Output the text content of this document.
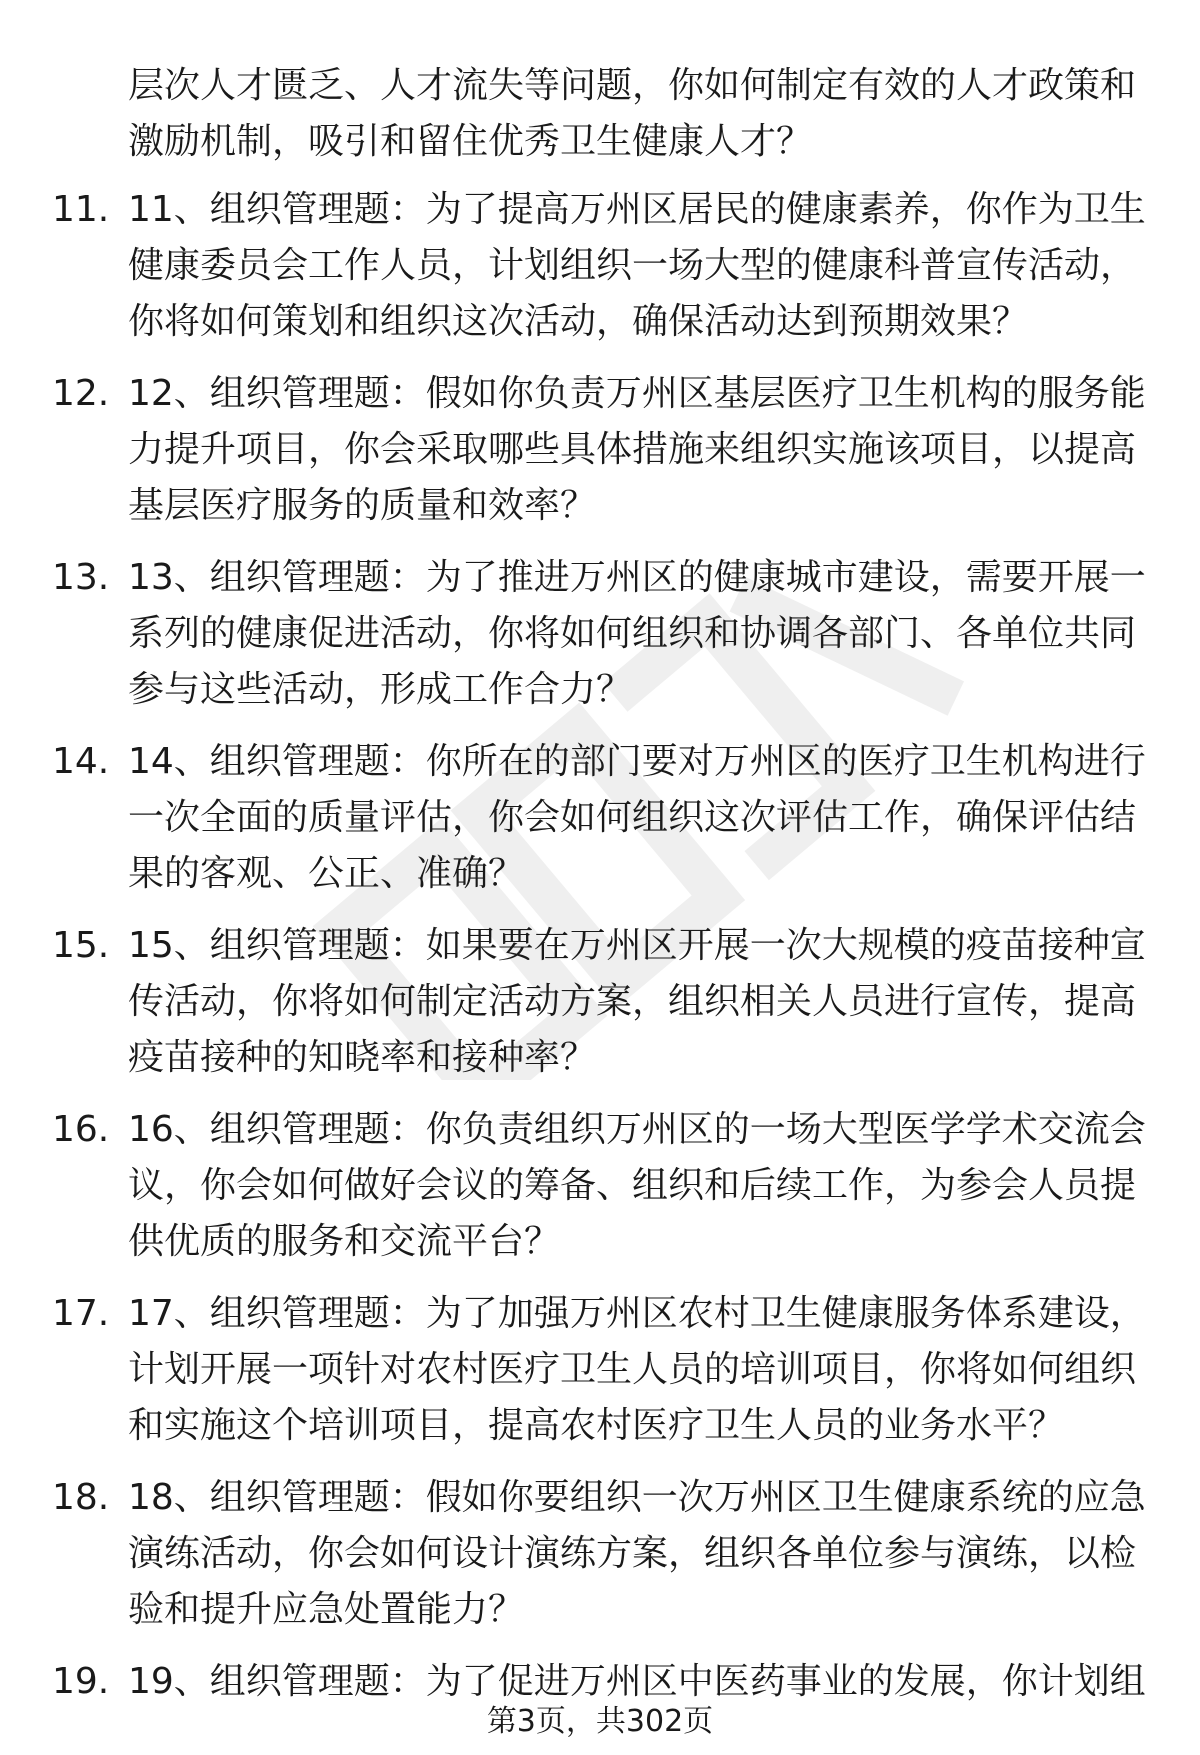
层次人才匮乏、人才流失等问题，你如何制定有效的人才政策和激励机制，吸引和留住优秀卫生健康人才？

11. 11、组织管理题：为了提高万州区居民的健康素养，你作为卫生健康委员会工作人员，计划组织一场大型的健康科普宣传活动，你将如何策划和组织这次活动，确保活动达到预期效果？
12. 12、组织管理题：假如你负责万州区基层医疗卫生机构的服务能力提升项目，你会采取哪些具体措施来组织实施该项目，以提高基层医疗服务的质量和效率？
13. 13、组织管理题：为了推进万州区的健康城市建设，需要开展一系列的健康促进活动，你将如何组织和协调各部门、各单位共同参与这些活动，形成工作合力？
14. 14、组织管理题：你所在的部门要对万州区的医疗卫生机构进行一次全面的质量评估，你会如何组织这次评估工作，确保评估结果的客观、公正、准确？
15. 15、组织管理题：如果要在万州区开展一次大规模的疫苗接种宣传活动，你将如何制定活动方案，组织相关人员进行宣传，提高疫苗接种的知晓率和接种率？
16. 16、组织管理题：你负责组织万州区的一场大型医学学术交流会议，你会如何做好会议的筹备、组织和后续工作，为参会人员提供优质的服务和交流平台？
17. 17、组织管理题：为了加强万州区农村卫生健康服务体系建设，计划开展一项针对农村医疗卫生人员的培训项目，你将如何组织和实施这个培训项目，提高农村医疗卫生人员的业务水平？
18. 18、组织管理题：假如你要组织一次万州区卫生健康系统的应急演练活动，你会如何设计演练方案，组织各单位参与演练，以检验和提升应急处置能力？
19. 19、组织管理题：为了促进万州区中医药事业的发展，你计划组
第3页，共302页
